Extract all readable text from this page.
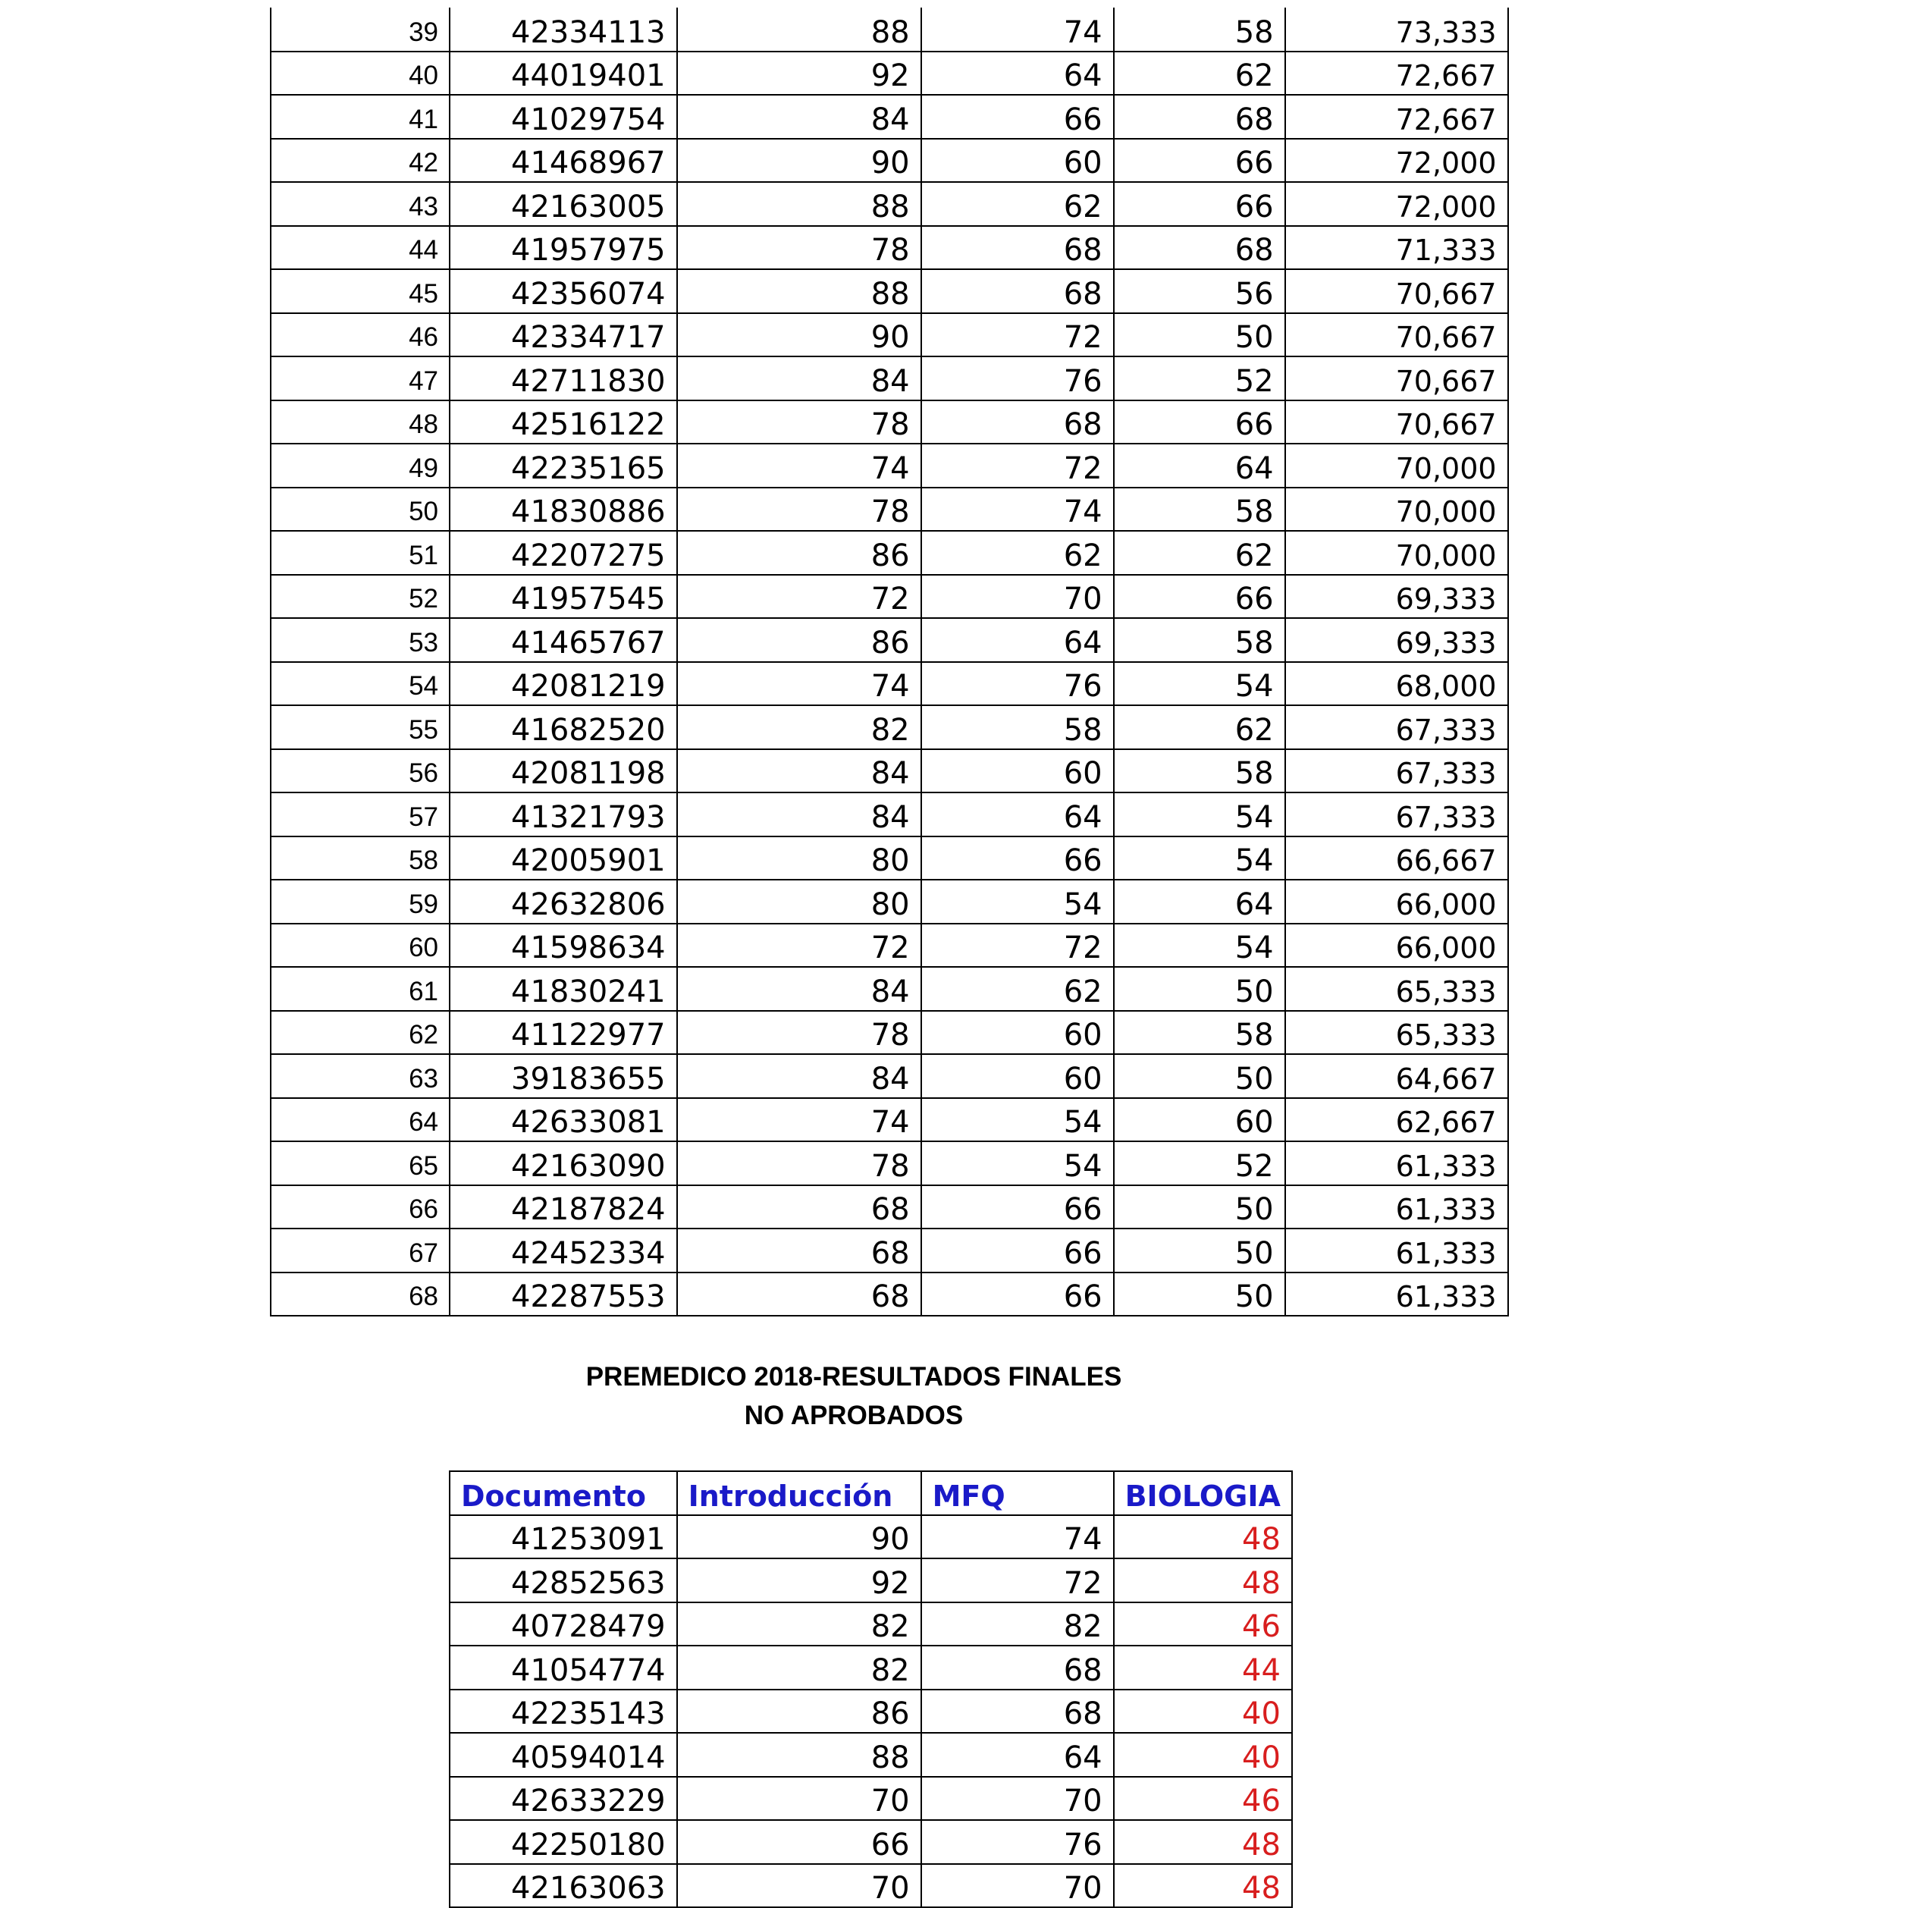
39	42334113	88	74	58	73,333
40	44019401	92	64	62	72,667
41	41029754	84	66	68	72,667
42	41468967	90	60	66	72,000
43	42163005	88	62	66	72,000
44	41957975	78	68	68	71,333
45	42356074	88	68	56	70,667
46	42334717	90	72	50	70,667
47	42711830	84	76	52	70,667
48	42516122	78	68	66	70,667
49	42235165	74	72	64	70,000
50	41830886	78	74	58	70,000
51	42207275	86	62	62	70,000
52	41957545	72	70	66	69,333
53	41465767	86	64	58	69,333
54	42081219	74	76	54	68,000
55	41682520	82	58	62	67,333
56	42081198	84	60	58	67,333
57	41321793	84	64	54	67,333
58	42005901	80	66	54	66,667
59	42632806	80	54	64	66,000
60	41598634	72	72	54	66,000
61	41830241	84	62	50	65,333
62	41122977	78	60	58	65,333
63	39183655	84	60	50	64,667
64	42633081	74	54	60	62,667
65	42163090	78	54	52	61,333
66	42187824	68	66	50	61,333
67	42452334	68	66	50	61,333
68	42287553	68	66	50	61,333
PREMEDICO 2018-RESULTADOS FINALES
NO APROBADOS
Documento	Introducción	MFQ	BIOLOGIA
41253091	90	74	48
42852563	92	72	48
40728479	82	82	46
41054774	82	68	44
42235143	86	68	40
40594014	88	64	40
42633229	70	70	46
42250180	66	76	48
42163063	70	70	48
